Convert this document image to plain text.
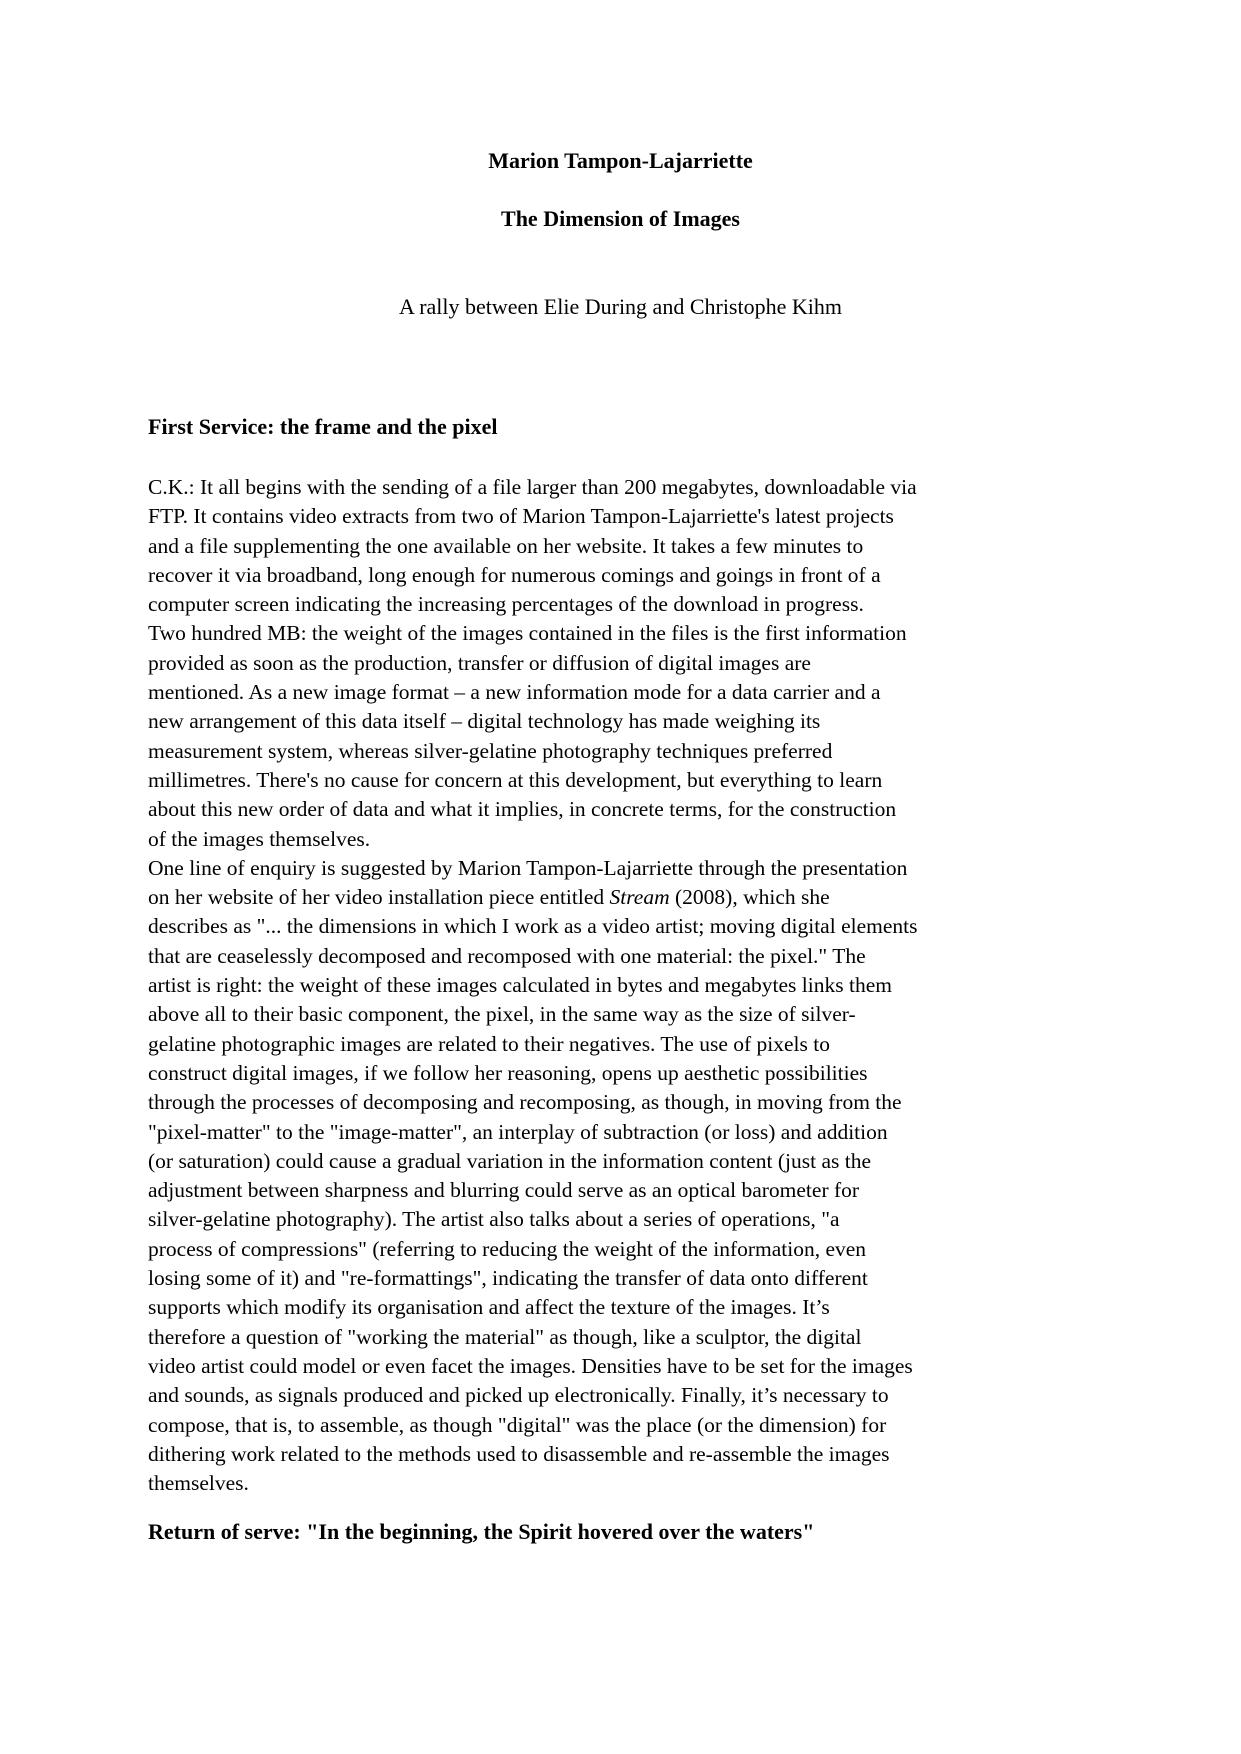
Marion Tampon-Lajarriette
The Dimension of Images
A rally between Elie During and Christophe Kihm
First Service: the frame and the pixel
C.K.: It all begins with the sending of a file larger than 200 megabytes, downloadable via
FTP. It contains video extracts from two of Marion Tampon-Lajarriette's latest projects
and a file supplementing the one available on her website. It takes a few minutes to
recover it via broadband, long enough for numerous comings and goings in front of a
computer screen indicating the increasing percentages of the download in progress.
Two hundred MB: the weight of the images contained in the files is the first information
provided as soon as the production, transfer or diffusion of digital images are
mentioned. As a new image format – a new information mode for a data carrier and a
new arrangement of this data itself – digital technology has made weighing its
measurement system, whereas silver-gelatine photography techniques preferred
millimetres. There's no cause for concern at this development, but everything to learn
about this new order of data and what it implies, in concrete terms, for the construction
of the images themselves.
One line of enquiry is suggested by Marion Tampon-Lajarriette through the presentation
on her website of her video installation piece entitled Stream (2008), which she
describes as "... the dimensions in which I work as a video artist; moving digital elements
that are ceaselessly decomposed and recomposed with one material: the pixel." The
artist is right: the weight of these images calculated in bytes and megabytes links them
above all to their basic component, the pixel, in the same way as the size of silver-
gelatine photographic images are related to their negatives. The use of pixels to
construct digital images, if we follow her reasoning, opens up aesthetic possibilities
through the processes of decomposing and recomposing, as though, in moving from the
"pixel-matter" to the "image-matter", an interplay of subtraction (or loss) and addition
(or saturation) could cause a gradual variation in the information content (just as the
adjustment between sharpness and blurring could serve as an optical barometer for
silver-gelatine photography). The artist also talks about a series of operations, "a
process of compressions" (referring to reducing the weight of the information, even
losing some of it) and "re-formattings", indicating the transfer of data onto different
supports which modify its organisation and affect the texture of the images. It’s
therefore a question of "working the material" as though, like a sculptor, the digital
video artist could model or even facet the images. Densities have to be set for the images
and sounds, as signals produced and picked up electronically. Finally, it’s necessary to
compose, that is, to assemble, as though "digital" was the place (or the dimension) for
dithering work related to the methods used to disassemble and re-assemble the images
themselves.
Return of serve: "In the beginning, the Spirit hovered over the waters"
